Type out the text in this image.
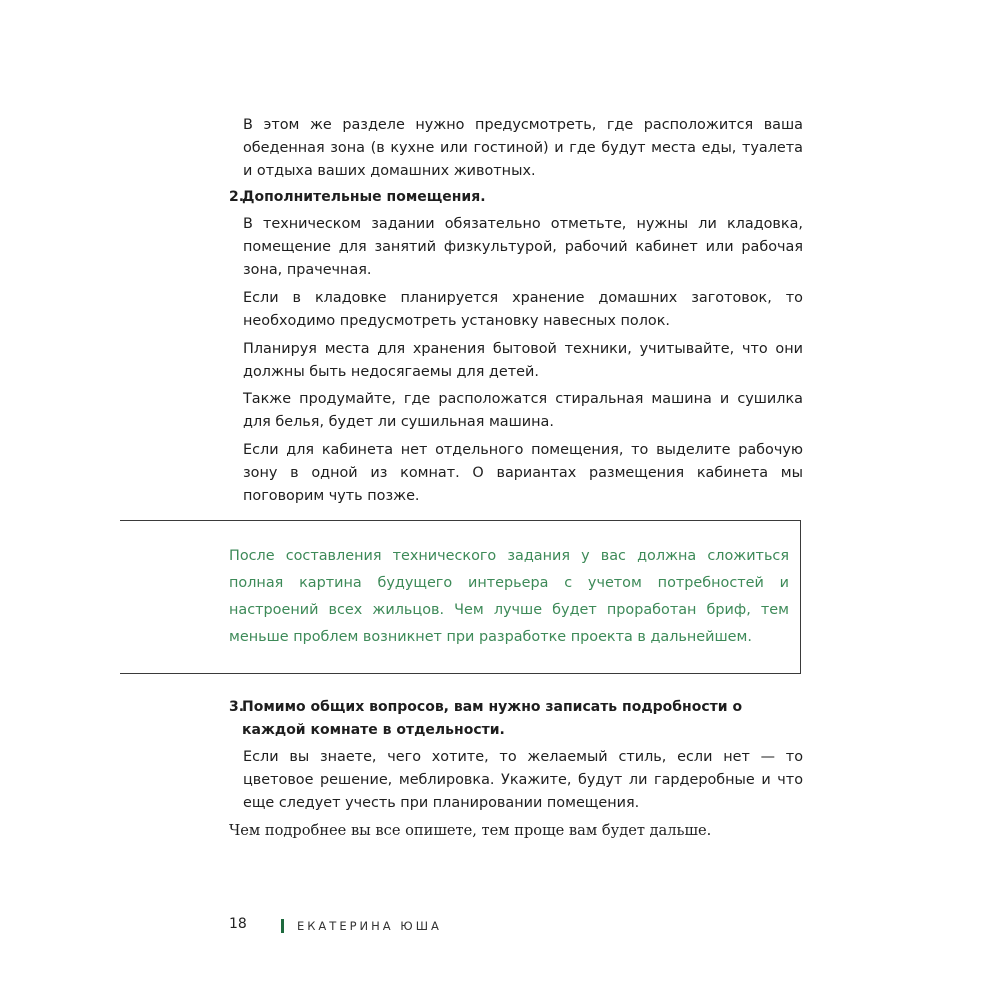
В этом же разделе нужно предусмотреть, где расположится ваша обеденная зона (в кухне или гостиной) и где будут места еды, туалета и отдыха ваших домашних животных.

2.
Дополнительные помещения.

В техническом задании обязательно отметьте, нужны ли кладовка, помещение для занятий физкультурой, рабочий кабинет или рабочая зона, прачечная.

Если в кладовке планируется хранение домашних заготовок, то необходимо предусмотреть установку навесных полок.

Планируя места для хранения бытовой техники, учитывайте, что они должны быть недосягаемы для детей.

Также продумайте, где расположатся стиральная машина и сушилка для белья, будет ли сушильная машина.

Если для кабинета нет отдельного помещения, то выделите рабочую зону в одной из комнат. О вариантах размещения кабинета мы поговорим чуть позже.

После составления технического задания у вас должна сложиться полная картина будущего интерьера с учетом потребностей и настроений всех жильцов. Чем лучше будет проработан бриф, тем меньше проблем возникнет при разработке проекта в дальнейшем.

3.
Помимо общих вопросов, вам нужно записать подробности о каждой комнате в отдельности.

Если вы знаете, чего хотите, то желаемый стиль, если нет — то цветовое решение, меблировка. Укажите, будут ли гардеробные и что еще следует учесть при планировании помещения.

Чем подробнее вы все опишете, тем проще вам будет дальше.

18	ЕКАТЕРИНА ЮША
